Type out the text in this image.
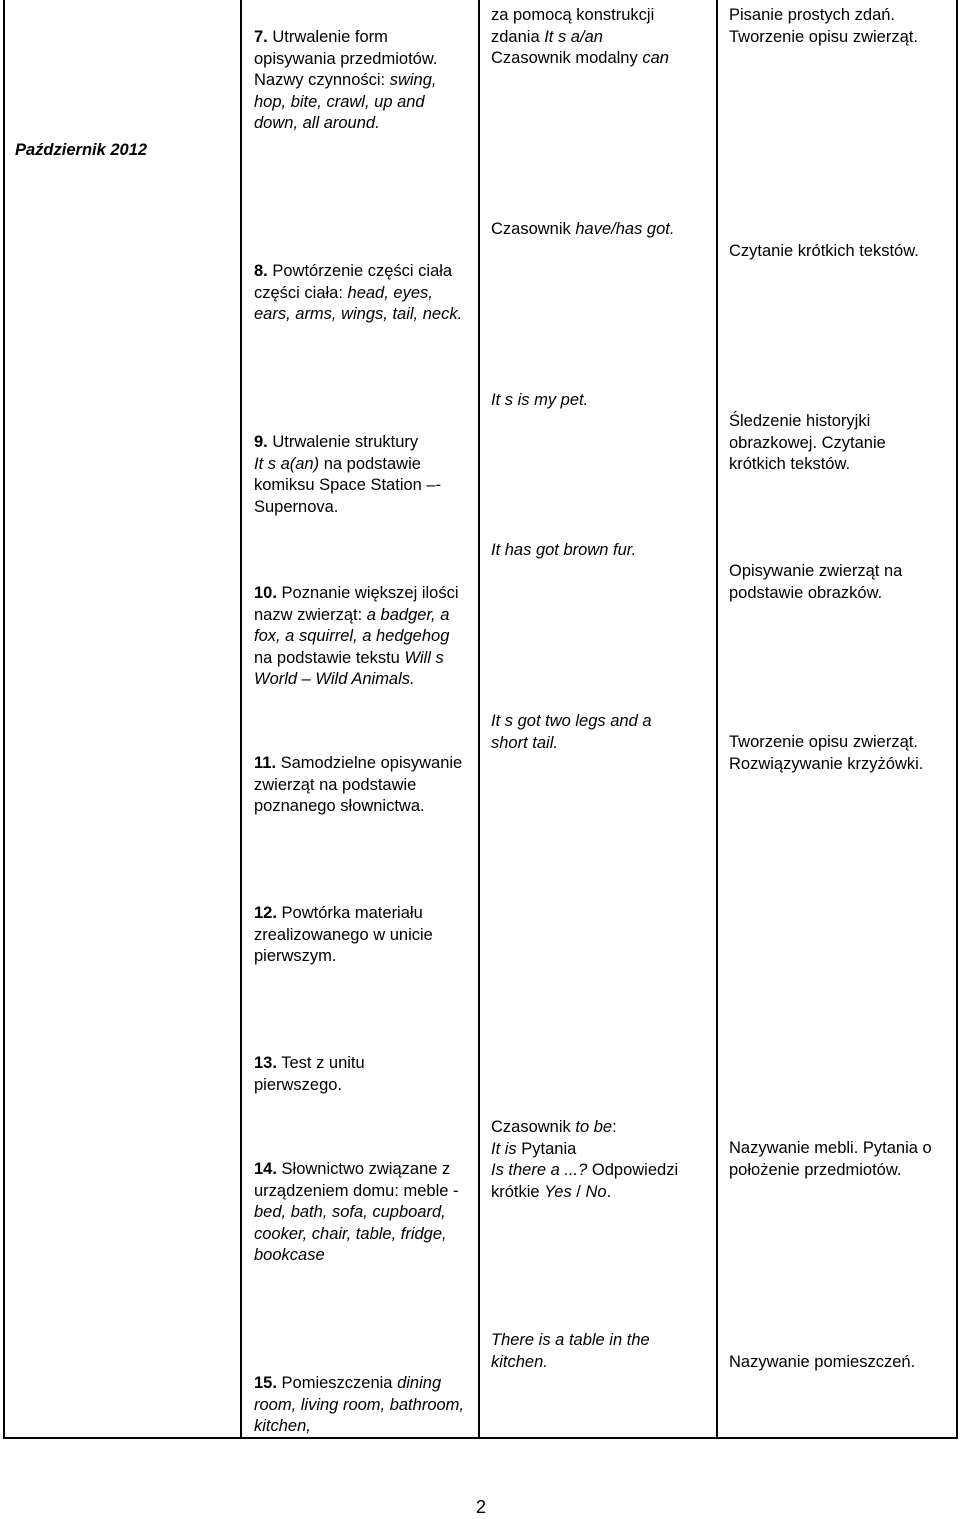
Październik 2012
7. Utrwalenie form opisywania przedmiotów. Nazwy czynności: swing, hop, bite, crawl, up and down, all around.
za pomocą konstrukcji
zdania It s a/an
Czasownik modalny can
Pisanie prostych zdań. Tworzenie opisu zwierząt.
8. Powtórzenie części ciała części ciała: head, eyes, ears, arms, wings, tail, neck.
Czasownik have/has got.
Czytanie krótkich tekstów.
9. Utrwalenie struktury
It s a(an) na podstawie komiksu Space Station –- Supernova.
It s is my pet.
Śledzenie historyjki obrazkowej. Czytanie krótkich tekstów.
10. Poznanie większej ilości nazw zwierząt: a badger, a fox, a squirrel, a hedgehog na podstawie tekstu Will s World – Wild Animals.
It has got brown fur.
Opisywanie zwierząt na podstawie obrazków.
11. Samodzielne opisywanie zwierząt na podstawie poznanego słownictwa.
It s got two legs and a short tail.	Tworzenie opisu zwierząt. Rozwiązywanie krzyżówki.
12. Powtórka materiału zrealizowanego w unicie pierwszym.
13. Test z unitu pierwszego.
14. Słownictwo związane z urządzeniem domu: meble - bed, bath, sofa, cupboard, cooker, chair, table, fridge, bookcase
Czasownik to be:
It is Pytania
Is there a ...? Odpowiedzi
krótkie Yes / No.
Nazywanie mebli. Pytania o położenie przedmiotów.
15. Pomieszczenia dining room, living room, bathroom, kitchen,
There is a table in the kitchen.	Nazywanie pomieszczeń.
2
